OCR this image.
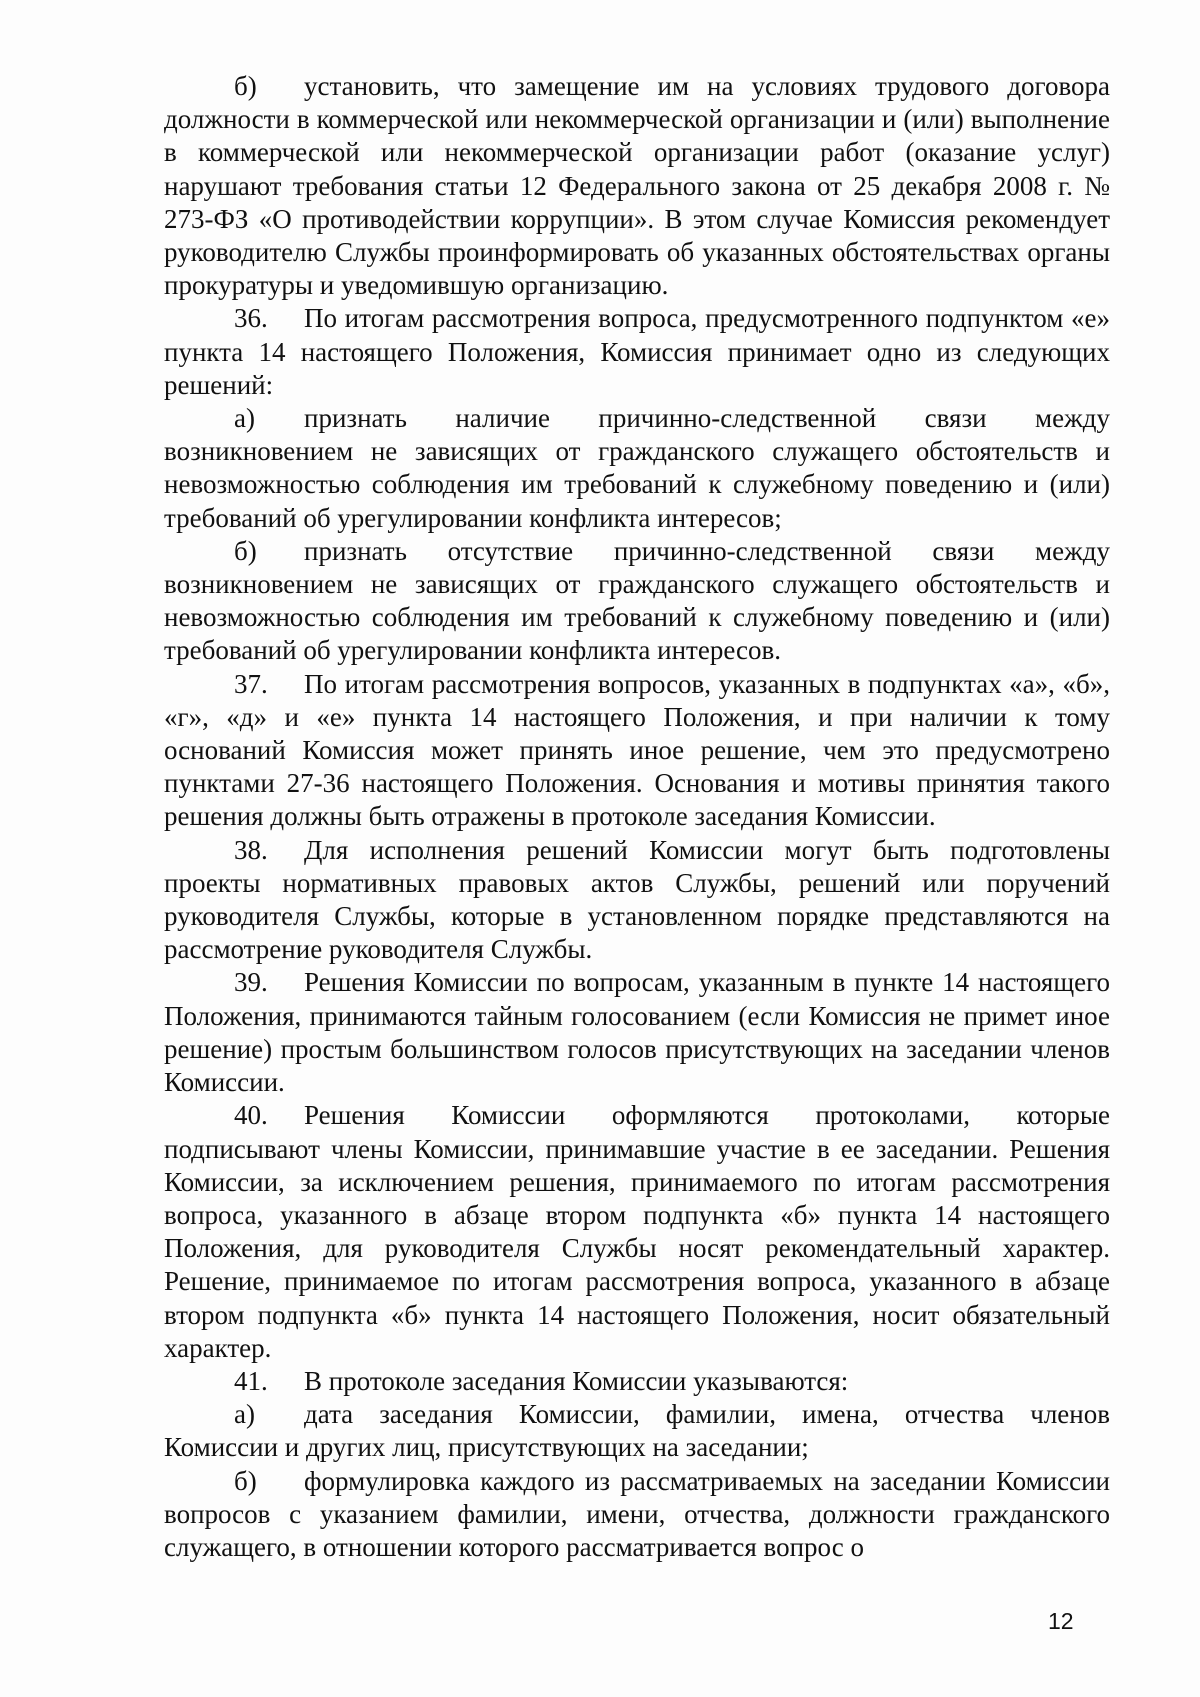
б) установить, что замещение им на условиях трудового договора должности в коммерческой или некоммерческой организации и (или) выполнение в коммерческой или некоммерческой организации работ (оказание услуг) нарушают требования статьи 12 Федерального закона от 25 декабря 2008 г. № 273-ФЗ «О противодействии коррупции». В этом случае Комиссия рекомендует руководителю Службы проинформировать об указанных обстоятельствах органы прокуратуры и уведомившую организацию.

36. По итогам рассмотрения вопроса, предусмотренного подпунктом «е» пункта 14 настоящего Положения, Комиссия принимает одно из следующих решений:

а) признать наличие причинно-следственной связи между возникновением не зависящих от гражданского служащего обстоятельств и невозможностью соблюдения им требований к служебному поведению и (или) требований об урегулировании конфликта интересов;

б) признать отсутствие причинно-следственной связи между возникновением не зависящих от гражданского служащего обстоятельств и невозможностью соблюдения им требований к служебному поведению и (или) требований об урегулировании конфликта интересов.

37. По итогам рассмотрения вопросов, указанных в подпунктах «а», «б», «г», «д» и «е» пункта 14 настоящего Положения, и при наличии к тому оснований Комиссия может принять иное решение, чем это предусмотрено пунктами 27-36 настоящего Положения. Основания и мотивы принятия такого решения должны быть отражены в протоколе заседания Комиссии.

38. Для исполнения решений Комиссии могут быть подготовлены проекты нормативных правовых актов Службы, решений или поручений руководителя Службы, которые в установленном порядке представляются на рассмотрение руководителя Службы.

39. Решения Комиссии по вопросам, указанным в пункте 14 настоящего Положения, принимаются тайным голосованием (если Комиссия не примет иное решение) простым большинством голосов присутствующих на заседании членов Комиссии.

40. Решения Комиссии оформляются протоколами, которые подписывают члены Комиссии, принимавшие участие в ее заседании. Решения Комиссии, за исключением решения, принимаемого по итогам рассмотрения вопроса, указанного в абзаце втором подпункта «б» пункта 14 настоящего Положения, для руководителя Службы носят рекомендательный характер. Решение, принимаемое по итогам рассмотрения вопроса, указанного в абзаце втором подпункта «б» пункта 14 настоящего Положения, носит обязательный характер.

41. В протоколе заседания Комиссии указываются:

а) дата заседания Комиссии, фамилии, имена, отчества членов Комиссии и других лиц, присутствующих на заседании;

б) формулировка каждого из рассматриваемых на заседании Комиссии вопросов с указанием фамилии, имени, отчества, должности гражданского служащего, в отношении которого рассматривается вопрос о

12
